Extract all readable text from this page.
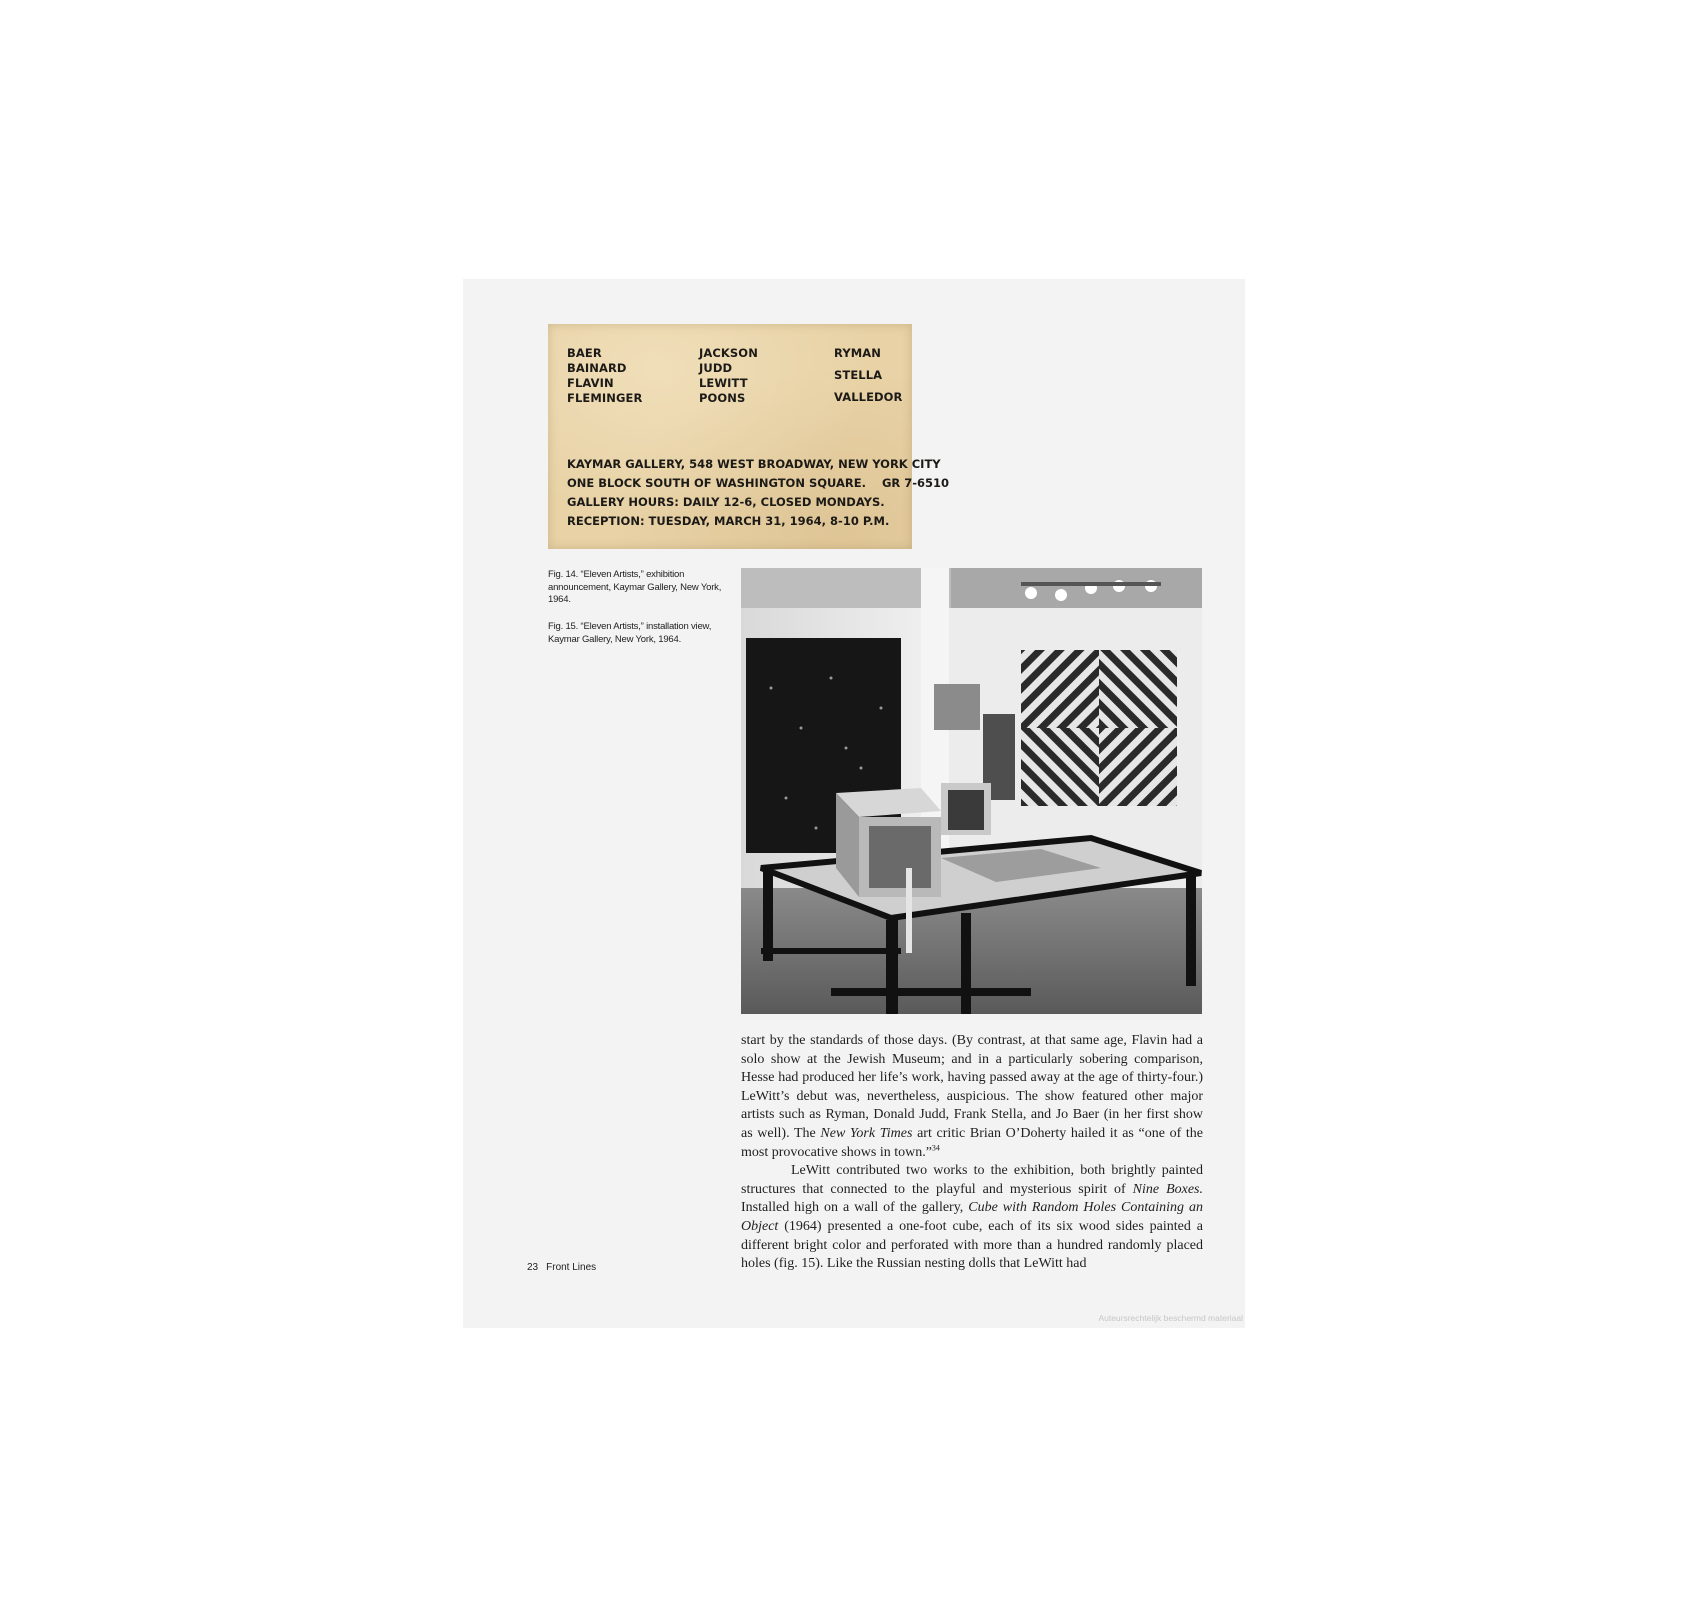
BAER
BAINARD
FLAVIN
FLEMINGER
JACKSON
JUDD
LEWITT
POONS
RYMAN
STELLA
VALLEDOR
KAYMAR GALLERY, 548 WEST BROADWAY, NEW YORK CITY
ONE BLOCK SOUTH OF WASHINGTON SQUARE.    GR 7-6510
GALLERY HOURS: DAILY 12-6, CLOSED MONDAYS.
RECEPTION: TUESDAY, MARCH 31, 1964, 8-10 P.M.
Fig. 14. “Eleven Artists,” exhibition announcement, Kaymar Gallery, New York, 1964.
Fig. 15. “Eleven Artists,” installation view, Kaymar Gallery, New York, 1964.

start by the standards of those days. (By contrast, at that same age, Flavin had a solo show at the Jewish Museum; and in a particularly sobering comparison, Hesse had produced her life’s work, having passed away at the age of thirty-four.) LeWitt’s debut was, nevertheless, auspicious. The show featured other major artists such as Ryman, Donald Judd, Frank Stella, and Jo Baer (in her first show as well). The New York Times art critic Brian O’Doherty hailed it as “one of the most provocative shows in town.”$^{34}$

LeWitt contributed two works to the exhibition, both brightly painted structures that connected to the playful and mysterious spirit of Nine Boxes. Installed high on a wall of the gallery, Cube with Random Holes Containing an Object (1964) presented a one-foot cube, each of its six wood sides painted a different bright color and perforated with more than a hundred randomly placed holes (fig. 15). Like the Russian nesting dolls that LeWitt had

23 Front Lines
Auteursrechtelijk beschermd materiaal
